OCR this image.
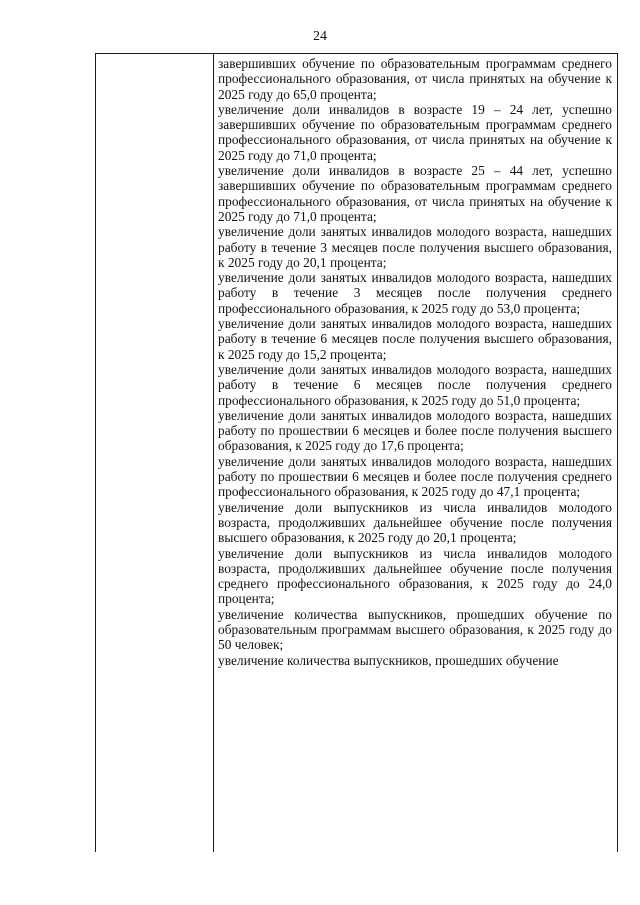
24

завершивших обучение по образовательным программам среднего профессионального образования, от числа принятых на обучение к 2025 году до 65,0 процента;

увеличение доли инвалидов в возрасте 19 – 24 лет, успешно завершивших обучение по образовательным программам среднего профессионального образования, от числа принятых на обучение к 2025 году до 71,0 процента;

увеличение доли инвалидов в возрасте 25 – 44 лет, успешно завершивших обучение по образовательным программам среднего профессионального образования, от числа принятых на обучение к 2025 году до 71,0 процента;

увеличение доли занятых инвалидов молодого возраста, нашедших работу в течение 3 месяцев после получения высшего образования, к 2025 году до 20,1 процента;

увеличение доли занятых инвалидов молодого возраста, нашедших работу в течение 3 месяцев после получения среднего профессионального образования, к 2025 году до 53,0 процента;

увеличение доли занятых инвалидов молодого возраста, нашедших работу в течение 6 месяцев после получения высшего образования, к 2025 году до 15,2 процента;

увеличение доли занятых инвалидов молодого возраста, нашедших работу в течение 6 месяцев после получения среднего профессионального образования, к 2025 году до 51,0 процента;

увеличение доли занятых инвалидов молодого возраста, нашедших работу по прошествии 6 месяцев и более после получения высшего образования, к 2025 году до 17,6 процента;

увеличение доли занятых инвалидов молодого возраста, нашедших работу по прошествии 6 месяцев и более после получения среднего профессионального образования, к 2025 году до 47,1 процента;

увеличение доли выпускников из числа инвалидов молодого возраста, продолживших дальнейшее обучение после получения высшего образования, к 2025 году до 20,1 процента;

увеличение доли выпускников из числа инвалидов молодого возраста, продолживших дальнейшее обучение после получения среднего профессионального образования, к 2025 году до 24,0 процента;

увеличение количества выпускников, прошедших обучение по образовательным программам высшего образования, к 2025 году до 50 человек;

увеличение количества выпускников, прошедших обучение
